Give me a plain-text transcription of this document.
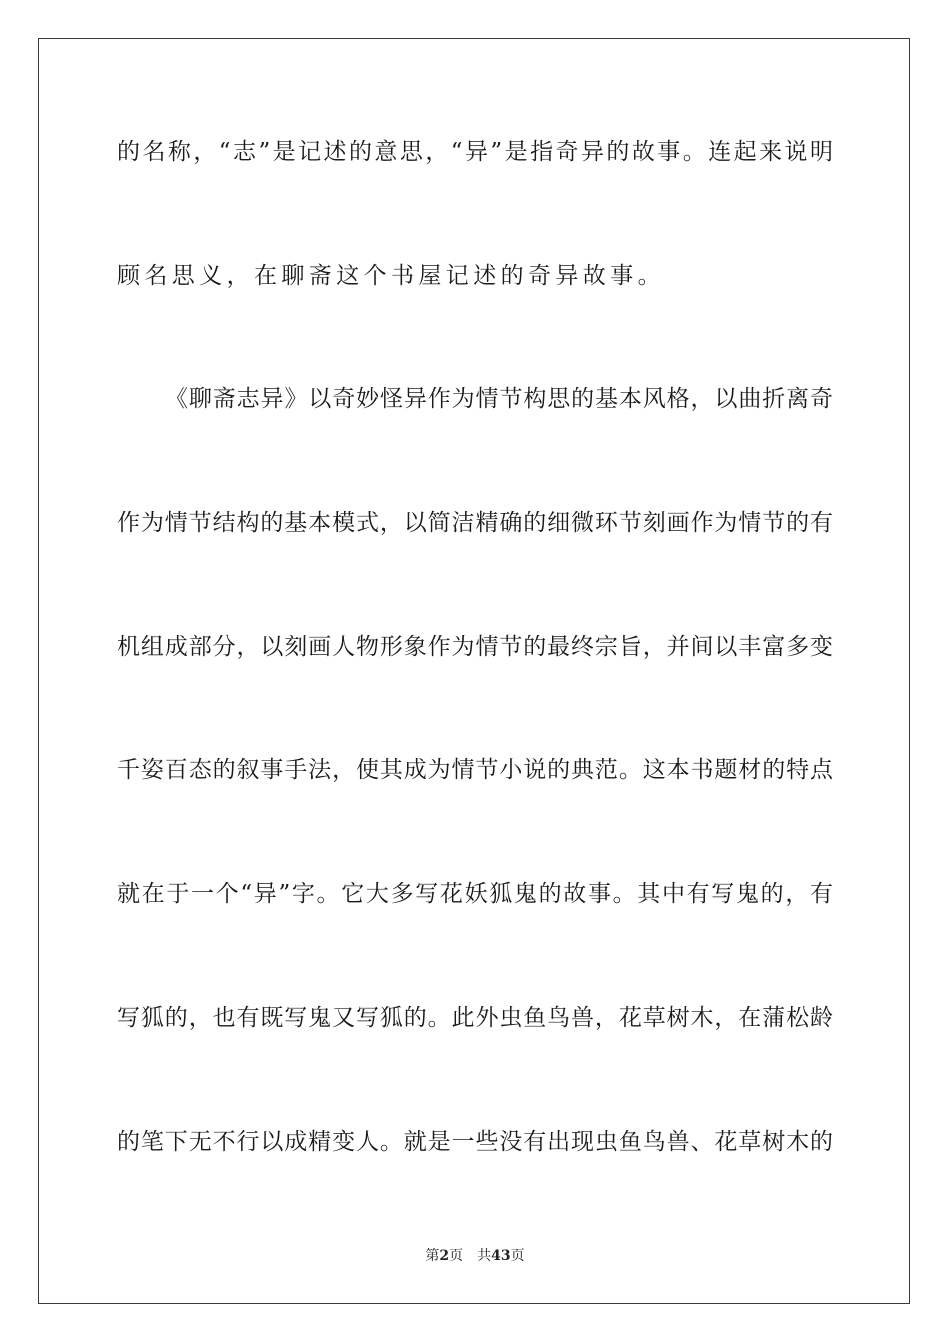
的名称，“志”是记述的意思，“异”是指奇异的故事。连起来说明
顾名思义，在聊斋这个书屋记述的奇异故事。
《聊斋志异》以奇妙怪异作为情节构思的基本风格，以曲折离奇
作为情节结构的基本模式，以简洁精确的细微环节刻画作为情节的有
机组成部分，以刻画人物形象作为情节的最终宗旨，并间以丰富多变
千姿百态的叙事手法，使其成为情节小说的典范。这本书题材的特点
就在于一个“异”字。它大多写花妖狐鬼的故事。其中有写鬼的，有
写狐的，也有既写鬼又写狐的。此外虫鱼鸟兽，花草树木，在蒲松龄
的笔下无不行以成精变人。就是一些没有出现虫鱼鸟兽、花草树木的
第2页 共43页
